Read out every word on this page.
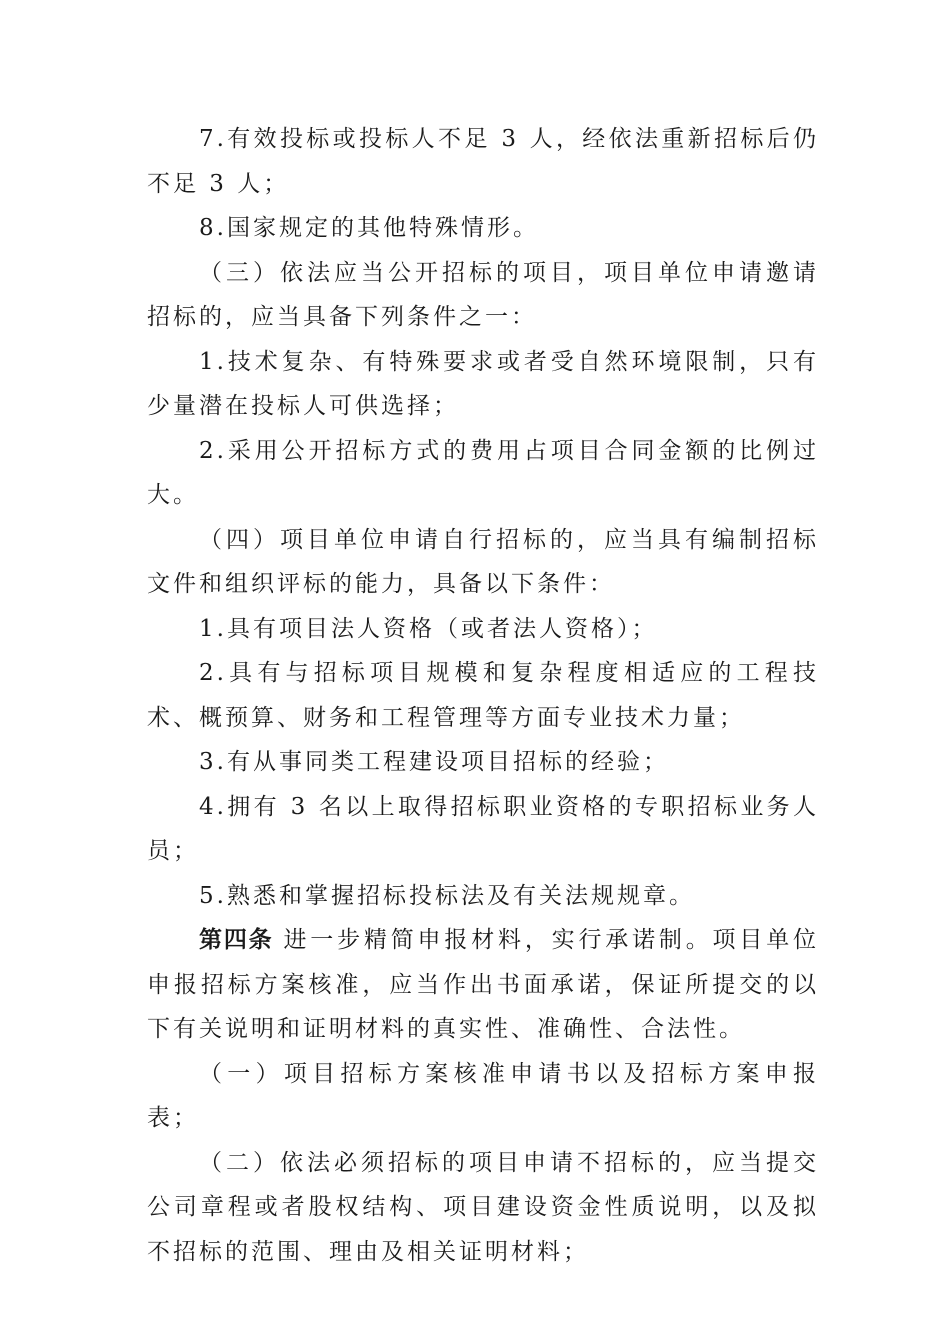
7.有效投标或投标人不足 3 人，经依法重新招标后仍不足 3 人；

8.国家规定的其他特殊情形。

（三）依法应当公开招标的项目，项目单位申请邀请招标的，应当具备下列条件之一：

1.技术复杂、有特殊要求或者受自然环境限制，只有少量潜在投标人可供选择；

2.采用公开招标方式的费用占项目合同金额的比例过大。

（四）项目单位申请自行招标的，应当具有编制招标文件和组织评标的能力，具备以下条件：

1.具有项目法人资格（或者法人资格）；

2.具有与招标项目规模和复杂程度相适应的工程技术、概预算、财务和工程管理等方面专业技术力量；

3.有从事同类工程建设项目招标的经验；

4.拥有 3 名以上取得招标职业资格的专职招标业务人员；

5.熟悉和掌握招标投标法及有关法规规章。

第四条 进一步精简申报材料，实行承诺制。项目单位申报招标方案核准，应当作出书面承诺，保证所提交的以下有关说明和证明材料的真实性、准确性、合法性。

（一）项目招标方案核准申请书以及招标方案申报表；

（二）依法必须招标的项目申请不招标的，应当提交公司章程或者股权结构、项目建设资金性质说明，以及拟不招标的范围、理由及相关证明材料；
